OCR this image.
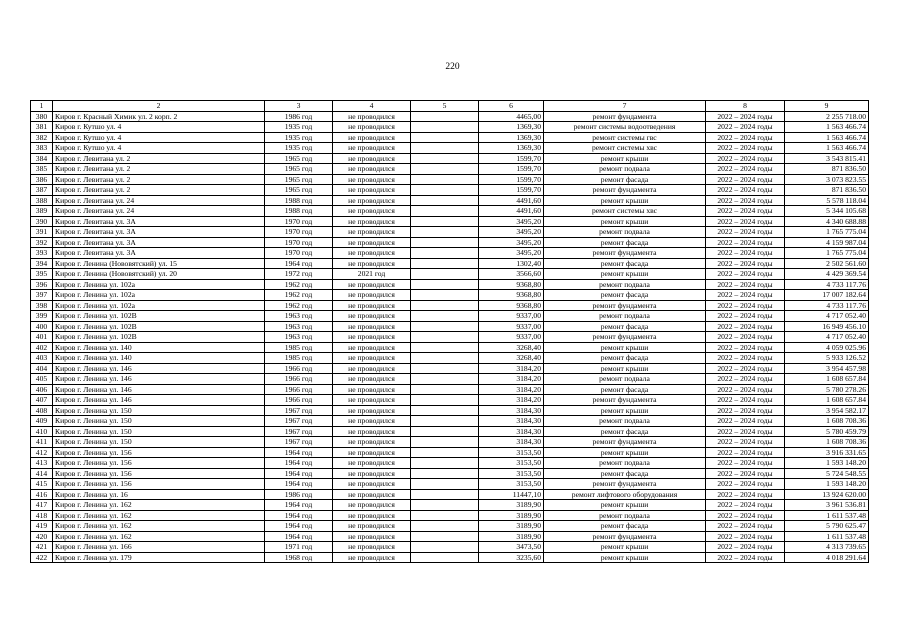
220
1	2	3	4	5	6	7	8	9
380	Киров г. Красный Химик ул. 2 корп. 2	1986 год	не проводился		4465,00	ремонт фундамента	2022 – 2024 годы	2 255 718.00
381	Киров г. Кутшо ул. 4	1935 год	не проводился		1369,30	ремонт системы водоотведения	2022 – 2024 годы	1 563 466.74
382	Киров г. Кутшо ул. 4	1935 год	не проводился		1369,30	ремонт системы гвс	2022 – 2024 годы	1 563 466.74
383	Киров г. Кутшо ул. 4	1935 год	не проводился		1369,30	ремонт системы хвс	2022 – 2024 годы	1 563 466.74
384	Киров г. Левитана ул. 2	1965 год	не проводился		1599,70	ремонт крыши	2022 – 2024 годы	3 543 815.41
385	Киров г. Левитана ул. 2	1965 год	не проводился		1599,70	ремонт подвала	2022 – 2024 годы	871 836.50
386	Киров г. Левитана ул. 2	1965 год	не проводился		1599,70	ремонт фасада	2022 – 2024 годы	3 073 823.55
387	Киров г. Левитана ул. 2	1965 год	не проводился		1599,70	ремонт фундамента	2022 – 2024 годы	871 836.50
388	Киров г. Левитана ул. 24	1988 год	не проводился		4491,60	ремонт крыши	2022 – 2024 годы	5 578 118.04
389	Киров г. Левитана ул. 24	1988 год	не проводился		4491,60	ремонт системы хвс	2022 – 2024 годы	5 344 105.68
390	Киров г. Левитана ул. 3А	1970 год	не проводился		3495,20	ремонт крыши	2022 – 2024 годы	4 340 688.88
391	Киров г. Левитана ул. 3А	1970 год	не проводился		3495,20	ремонт подвала	2022 – 2024 годы	1 765 775.04
392	Киров г. Левитана ул. 3А	1970 год	не проводился		3495,20	ремонт фасада	2022 – 2024 годы	4 159 987.04
393	Киров г. Левитана ул. 3А	1970 год	не проводился		3495,20	ремонт фундамента	2022 – 2024 годы	1 765 775.04
394	Киров г. Ленина (Нововятский) ул. 15	1964 год	не проводился		1302,40	ремонт фасада	2022 – 2024 годы	2 502 561.60
395	Киров г. Ленина (Нововятский) ул. 20	1972 год	2021 год		3566,60	ремонт крыши	2022 – 2024 годы	4 429 369.54
396	Киров г. Ленина ул. 102а	1962 год	не проводился		9368,80	ремонт подвала	2022 – 2024 годы	4 733 117.76
397	Киров г. Ленина ул. 102а	1962 год	не проводился		9368,80	ремонт фасада	2022 – 2024 годы	17 007 182.64
398	Киров г. Ленина ул. 102а	1962 год	не проводился		9368,80	ремонт фундамента	2022 – 2024 годы	4 733 117.76
399	Киров г. Ленина ул. 102В	1963 год	не проводился		9337,00	ремонт подвала	2022 – 2024 годы	4 717 052.40
400	Киров г. Ленина ул. 102В	1963 год	не проводился		9337,00	ремонт фасада	2022 – 2024 годы	16 949 456.10
401	Киров г. Ленина ул. 102В	1963 год	не проводился		9337,00	ремонт фундамента	2022 – 2024 годы	4 717 052.40
402	Киров г. Ленина ул. 140	1985 год	не проводился		3268,40	ремонт крыши	2022 – 2024 годы	4 059 025.96
403	Киров г. Ленина ул. 140	1985 год	не проводился		3268,40	ремонт фасада	2022 – 2024 годы	5 933 126.52
404	Киров г. Ленина ул. 146	1966 год	не проводился		3184,20	ремонт крыши	2022 – 2024 годы	3 954 457.98
405	Киров г. Ленина ул. 146	1966 год	не проводился		3184,20	ремонт подвала	2022 – 2024 годы	1 608 657.84
406	Киров г. Ленина ул. 146	1966 год	не проводился		3184,20	ремонт фасада	2022 – 2024 годы	5 780 278.26
407	Киров г. Ленина ул. 146	1966 год	не проводился		3184,20	ремонт фундамента	2022 – 2024 годы	1 608 657.84
408	Киров г. Ленина ул. 150	1967 год	не проводился		3184,30	ремонт крыши	2022 – 2024 годы	3 954 582.17
409	Киров г. Ленина ул. 150	1967 год	не проводился		3184,30	ремонт подвала	2022 – 2024 годы	1 608 708.36
410	Киров г. Ленина ул. 150	1967 год	не проводился		3184,30	ремонт фасада	2022 – 2024 годы	5 780 459.79
411	Киров г. Ленина ул. 150	1967 год	не проводился		3184,30	ремонт фундамента	2022 – 2024 годы	1 608 708.36
412	Киров г. Ленина ул. 156	1964 год	не проводился		3153,50	ремонт крыши	2022 – 2024 годы	3 916 331.65
413	Киров г. Ленина ул. 156	1964 год	не проводился		3153,50	ремонт подвала	2022 – 2024 годы	1 593 148.20
414	Киров г. Ленина ул. 156	1964 год	не проводился		3153,50	ремонт фасада	2022 – 2024 годы	5 724 548.55
415	Киров г. Ленина ул. 156	1964 год	не проводился		3153,50	ремонт фундамента	2022 – 2024 годы	1 593 148.20
416	Киров г. Ленина ул. 16	1986 год	не проводился		11447,10	ремонт лифтового оборудования	2022 – 2024 годы	13 924 620.00
417	Киров г. Ленина ул. 162	1964 год	не проводился		3189,90	ремонт крыши	2022 – 2024 годы	3 961 536.81
418	Киров г. Ленина ул. 162	1964 год	не проводился		3189,90	ремонт подвала	2022 – 2024 годы	1 611 537.48
419	Киров г. Ленина ул. 162	1964 год	не проводился		3189,90	ремонт фасада	2022 – 2024 годы	5 790 625.47
420	Киров г. Ленина ул. 162	1964 год	не проводился		3189,90	ремонт фундамента	2022 – 2024 годы	1 611 537.48
421	Киров г. Ленина ул. 166	1971 год	не проводился		3473,50	ремонт крыши	2022 – 2024 годы	4 313 739.65
422	Киров г. Ленина ул. 179	1968 год	не проводился		3235,60	ремонт крыши	2022 – 2024 годы	4 018 291.64
